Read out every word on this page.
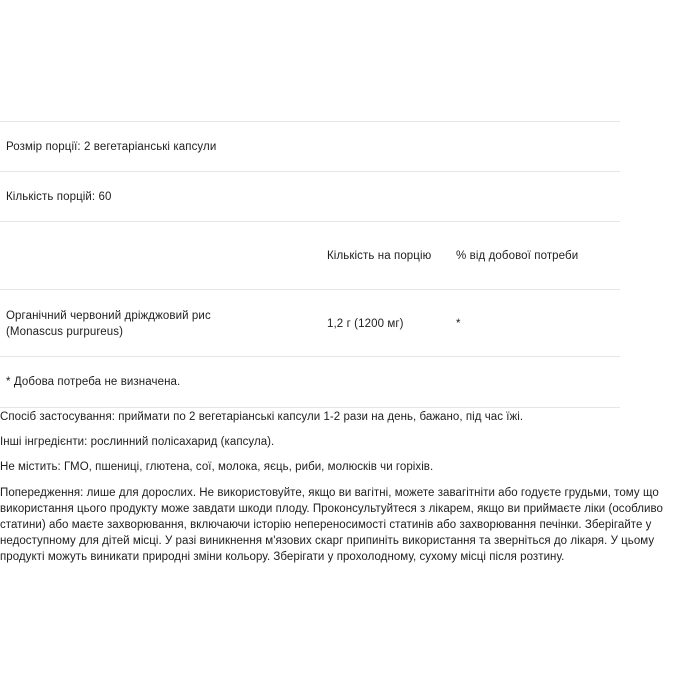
Розмір порції: 2 вегетаріанські капсули
Кількість порцій: 60
Кількість на порцію % від добової потреби
Органічний червоний дріжджовий рис
(Monascus purpureus)
1,2 г (1200 мг)	*
* Добова потреба не визначена.

Спосіб застосування: приймати по 2 вегетаріанські капсули 1-2 рази на день, бажано, під час їжі.

Інші інгредієнти: рослинний полісахарид (капсула).

Не містить: ГМО, пшениці, глютена, сої, молока, яєць, риби, молюсків чи горіхів.

Попередження: лише для дорослих. Не використовуйте, якщо ви вагітні, можете завагітніти або годуєте грудьми, тому що використання цього продукту може завдати шкоди плоду. Проконсультуйтеся з лікарем, якщо ви приймаєте ліки (особливо статини) або маєте захворювання, включаючи історію непереносимості статинів або захворювання печінки. Зберігайте у недоступному для дітей місці. У разі виникнення м'язових скарг припиніть використання та зверніться до лікаря. У цьому продукті можуть виникати природні зміни кольору. Зберігати у прохолодному, сухому місці після розтину.
